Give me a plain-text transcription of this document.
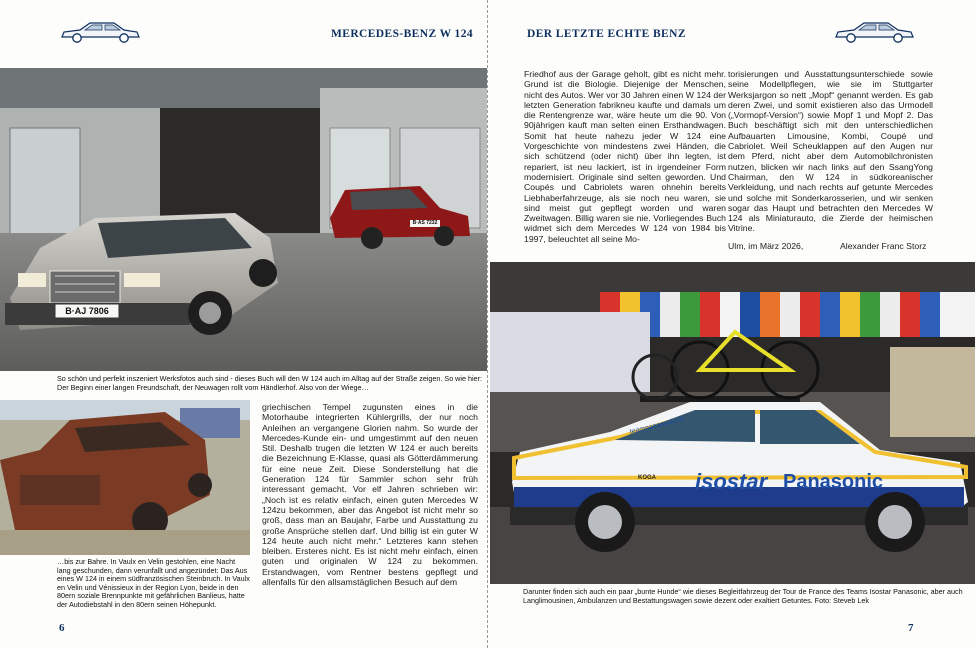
MERCEDES-BENZ W 124
B·AJ 7806
B·AS 7232
So schön und perfekt inszeniert Werksfotos auch sind - dieses Buch will den W 124 auch im Alltag auf der Straße zeigen. So wie hier: Der Beginn einer langen Freundschaft, der Neuwagen rollt vom Händlerhof. Also von der Wiege…
…bis zur Bahre. In Vaulx en Velin gestohlen, eine Nacht lang geschunden, dann verunfallt und angezündet: Das Aus eines W 124 in einem südfranzösischen Steinbruch. In Vaulx en Velin und Vénissieux in der Region Lyon, beide in den 80ern soziale Brennpunkte mit gefährlichen Banlieus, hatte der Autodiebstahl in den 80ern seinen Höhepunkt.
griechischen Tempel zugunsten eines in die Motorhaube integrierten Kühlergrills, der nur noch Anleihen an vergangene Glorien nahm. So wurde der Mercedes-Kunde ein- und umgestimmt auf den neuen Stil. Deshalb trugen die letzten W 124 er auch bereits die Bezeichnung E-Klasse, quasi als Götterdämmerung für eine neue Zeit. Diese Sonderstellung hat die Generation 124 für Sammler schon sehr früh interessant gemacht. Vor elf Jahren schrieben wir: „Noch ist es relativ einfach, einen guten Mercedes W 124zu bekommen, aber das Angebot ist nicht mehr so groß, dass man an Baujahr, Farbe und Ausstattung zu große Ansprüche stellen darf. Und billig ist ein guter W 124 heute auch nicht mehr.“ Letzteres kann stehen bleiben. Ersteres nicht. Es ist nicht mehr einfach, einen guten und originalen W 124 zu bekommen. Erstandwagen, vom Rentner bestens gepflegt und allenfalls für den allsamstäglichen Besuch auf dem
6
DER LETZTE ECHTE BENZ
Friedhof aus der Garage geholt, gibt es nicht mehr. Grund ist die Biologie. Diejenige der Menschen, nicht des Autos. Wer vor 30 Jahren einen W 124 der letzten Generation fabrikneu kaufte und damals um die Rentengrenze war, wäre heute um die 90. Von 90jährigen kauft man selten einen Ersthandwagen. Somit hat heute nahezu jeder W 124 eine Vorgeschichte von mindestens zwei Händen, die sich schützend (oder nicht) über ihn legten, ist repariert, ist neu lackiert, ist in irgendeiner Form modernisiert. Originale sind selten geworden. Und Coupés und Cabriolets waren ohnehin bereits Liebhaberfahrzeuge, als sie noch neu waren, sie sind meist gut gepflegt worden und waren Zweitwagen. Billig waren sie nie. Vorliegendes Buch widmet sich dem Mercedes W 124 von 1984 bis 1997, beleuchtet all seine Mo-
torisierungen und Ausstattungsunterschiede sowie seine Modellpflegen, wie sie im Stuttgarter Werksjargon so nett „Mopf“ genannt werden. Es gab deren Zwei, und somit existieren also das Urmodell („Vormopf-Version“) sowie Mopf 1 und Mopf 2. Das Buch beschäftigt sich mit den unterschiedlichen Aufbauarten Limousine, Kombi, Coupé und Cabriolet. Weil Scheuklappen auf den Augen nur dem Pferd, nicht aber dem Automobilchronisten nutzen, blicken wir nach links auf den SsangYong Chairman, den W 124 in südkoreanischer Verkleidung, und nach rechts auf getunte Mercedes und solche mit Sonderkarosserien, und wir senken sogar das Haupt und betrachten den Mercedes W 124 als Miniaturauto, die Zierde der heimischen Vitrine.
Ulm, im März 2026,	Alexander Franc Storz
isostar Panasonic
teampanasonic.nl
KOGA
Darunter finden sich auch ein paar „bunte Hunde“ wie dieses Begleitfahrzeug der Tour de France des Teams Isostar Panasonic, aber auch Langlimousinen, Ambulanzen und Bestattungswagen sowie dezent oder exaltiert Getuntes. Foto: Steveb Lek
7
